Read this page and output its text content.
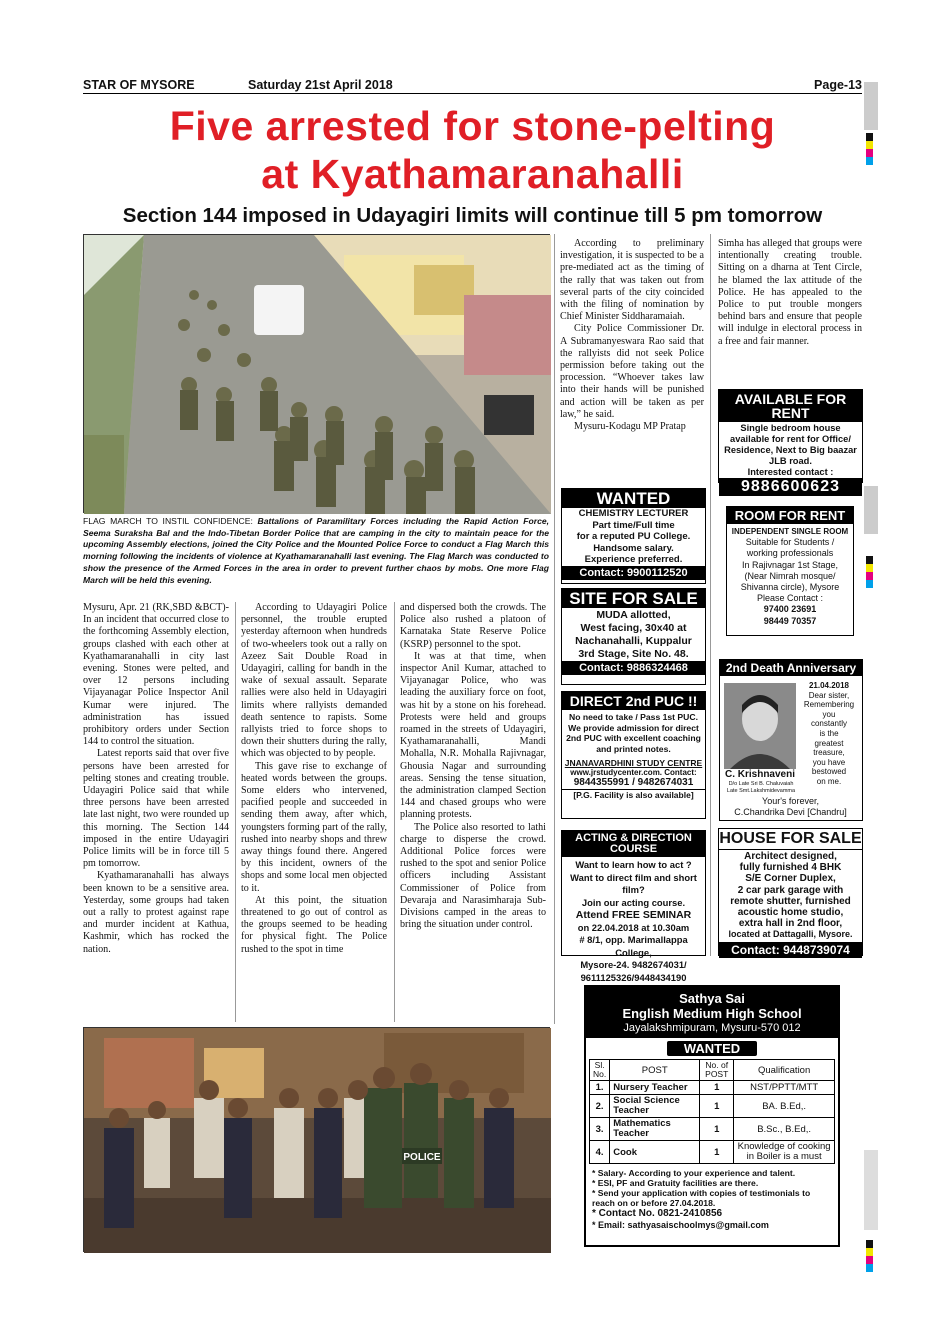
STAR OF MYSORE	Saturday 21st April 2018	Page-13
Five arrested for stone-pelting
at Kyathamaranahalli
Section 144 imposed in Udayagiri limits will continue till 5 pm tomorrow
FLAG MARCH TO INSTIL CONFIDENCE: Battalions of Paramilitary Forces including the Rapid Action Force, Seema Suraksha Bal and the Indo-Tibetan Border Police that are camping in the city to maintain peace for the upcoming Assembly elections, joined the City Police and the Mounted Police Force to conduct a Flag March this morning following the incidents of violence at Kyathamaranahalli last evening. The Flag March was conducted to show the presence of the Armed Forces in the area in order to prevent further chaos by mobs. One more Flag March will be held this evening.

Mysuru, Apr. 21 (RK,SBD &BCT)- In an incident that occurred close to the forthcoming Assembly election, groups clashed with each other at Kyathamaranahalli in city last evening. Stones were pelted, and over 12 persons including Vijayanagar Police Inspector Anil Kumar were injured. The administration has issued prohibitory orders under Section 144 to control the situation.

Latest reports said that over five persons have been arrested for pelting stones and creating trouble. Udayagiri Police said that while three persons have been arrested late last night, two were rounded up this morning. The Section 144 imposed in the entire Udayagiri Police limits will be in force till 5 pm tomorrow.

Kyathamaranahalli has always been known to be a sensitive area. Yesterday, some groups had taken out a rally to protest against rape and murder incident at Kathua, Kashmir, which has rocked the nation.

According to Udayagiri Police personnel, the trouble erupted yesterday afternoon when hundreds of two-wheelers took out a rally on Azeez Sait Double Road in Udayagiri, calling for bandh in the wake of sexual assault. Separate rallies were also held in Udayagiri limits where rallyists demanded death sentence to rapists. Some rallyists tried to force shops to down their shutters during the rally, which was objected to by people.

This gave rise to exchange of heated words between the groups. Some elders who intervened, pacified people and succeeded in sending them away, after which, youngsters forming part of the rally, rushed into nearby shops and threw away things found there. Angered by this incident, owners of the shops and some local men objected to it.

At this point, the situation threatened to go out of control as the groups seemed to be heading for physical fight. The Police rushed to the spot in time

and dispersed both the crowds. The Police also rushed a platoon of Karnataka State Reserve Police (KSRP) personnel to the spot.

It was at that time, when inspector Anil Kumar, attached to Vijayanagar Police, who was leading the auxiliary force on foot, was hit by a stone on his forehead. Protests were held and groups roamed in the streets of Udayagiri, Kyathamaranahalli, Mandi Mohalla, N.R. Mohalla Rajivnagar, Ghousia Nagar and surrounding areas. Sensing the tense situation, the administration clamped Section 144 and chased groups who were planning protests.

The Police also resorted to lathi charge to disperse the crowd. Additional Police forces were rushed to the spot and senior Police officers including Assistant Commissioner of Police from Devaraja and Narasimharaja Sub-Divisions camped in the areas to bring the situation under control.

According to preliminary investigation, it is suspected to be a pre-mediated act as the timing of the rally that was taken out from several parts of the city coincided with the filing of nomination by Chief Minister Siddharamaiah.

City Police Commissioner Dr. A Subramanyeswara Rao said that the rallyists did not seek Police permission before taking out the procession. “Whoever takes law into their hands will be punished and action will be taken as per law,” he said.

Mysuru-Kodagu MP Pratap

Simha has alleged that groups were intentionally creating trouble. Sitting on a dharna at Tent Circle, he blamed the lax attitude of the Police. He has appealed to the Police to put trouble mongers behind bars and ensure that people will indulge in electoral process in a free and fair manner.

POLICE
AVAILABLE FOR RENT
Single bedroom house
available for rent for Office/
Residence, Next to Big baazar
JLB road.
Interested contact :
9886600623
WANTED
CHEMISTRY LECTURER
Part time/Full time
for a reputed PU College.
Handsome salary.
Experience preferred.
Contact: 9900112520
ROOM FOR RENT
INDEPENDENT SINGLE ROOM
Suitable for Students /
working professionals
In Rajivnagar 1st Stage,
(Near Nimrah mosque/
Shivanna circle), Mysore
Please Contact :
97400 23691
98449 70357
SITE FOR SALE
MUDA allotted,
West facing, 30x40 at
Nachanahalli, Kuppalur
3rd Stage, Site No. 48.
Contact: 9886324468	2nd Death Anniversary
21.04.2018
Dear sister,
Remembering
you
constantly
is the
greatest
treasure,
you have
bestowed
on me.
C. Krishnaveni
D/o Late Sri B. Chaluvaiah
Late Smt.Lakshmidevamma
Your's forever,
C.Chandrika Devi [Chandru]
DIRECT 2nd PUC !!
No need to take / Pass 1st PUC.
We provide admission for direct
2nd PUC with excellent coaching
and printed notes.
JNANAVARDHINI STUDY CENTRE
www.jrstudycenter.com. Contact:
9844355991 / 9482674031
[P.G. Facility is also available]
HOUSE FOR SALE
Architect designed,
fully furnished 4 BHK
S/E Corner Duplex,
2 car park garage with
remote shutter, furnished
acoustic home studio,
extra hall in 2nd floor,
located at Dattagalli, Mysore.
Contact: 9448739074
ACTING & DIRECTION COURSE
Want to learn how to act ?
Want to direct film and short film?
Join our acting course.
Attend FREE SEMINAR
on 22.04.2018 at 10.30am
# 8/1, opp. Marimallappa College,
Mysore-24. 9482674031/
9611125326/9448434190
Sathya Sai
English Medium High School
Jayalakshmipuram, Mysuru-570 012
WANTED
Sl. No.	POST	No. of POST	Qualification
1.	Nursery Teacher	1	NST/PPTT/MTT
2.	Social Science Teacher	1	BA. B.Ed,.
3.	Mathematics Teacher	1	B.Sc., B.Ed,.
4.	Cook	1	Knowledge of cooking in Boiler is a must
* Salary- According to your experience and talent.
* ESI, PF and Gratuity facilities are there.
* Send your application with copies of testimonials to reach on or before 27.04.2018.
* Contact No. 0821-2410856
* Email: sathyasaischoolmys@gmail.com
